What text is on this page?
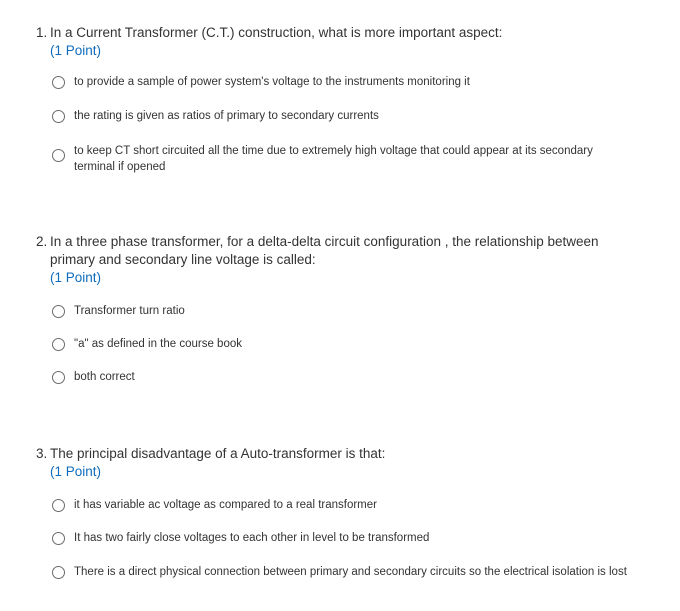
1. In a Current Transformer (C.T.) construction, what is more important aspect:
(1 Point)
to provide a sample of power system's voltage to the instruments monitoring it
the rating is given as ratios of primary to secondary currents
to keep CT short circuited all the time due to extremely high voltage that could appear at its secondary terminal if opened
2. In a three phase transformer, for a delta-delta circuit configuration , the relationship between
primary and secondary line voltage is called:
(1 Point)
Transformer turn ratio
"a" as defined in the course book
both correct
3. The principal disadvantage of a Auto-transformer is that:
(1 Point)
it has variable ac voltage as compared to a real transformer
It has two fairly close voltages to each other in level to be transformed
There is a direct physical connection between primary and secondary circuits so the electrical isolation is lost
